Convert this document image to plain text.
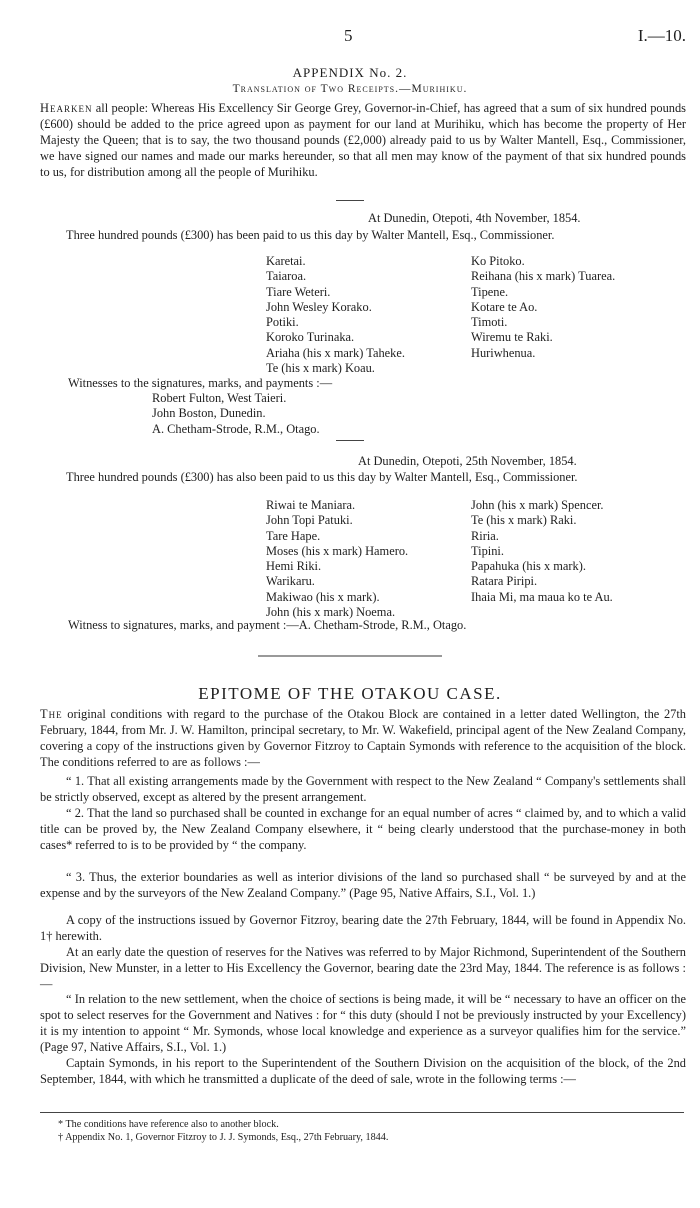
5	I.—10.
APPENDIX No. 2.
Translation of Two Receipts.—Murihiku.
Hearken all people: Whereas His Excellency Sir George Grey, Governor-in-Chief, has agreed that a sum of six hundred pounds (£600) should be added to the price agreed upon as payment for our land at Murihiku, which has become the property of Her Majesty the Queen; that is to say, the two thousand pounds (£2,000) already paid to us by Walter Mantell, Esq., Commissioner, we have signed our names and made our marks hereunder, so that all men may know of the payment of that six hundred pounds to us, for distribution among all the people of Murihiku.
At Dunedin, Otepoti, 4th November, 1854.
Three hundred pounds (£300) has been paid to us this day by Walter Mantell, Esq., Commissioner.
Karetai.
Taiaroa.
Tiare Weteri.
John Wesley Korako.
Potiki.
Koroko Turinaka.
Ariaha (his x mark) Taheke.
Te (his x mark) Koau.
Ko Pitoko.
Reihana (his x mark) Tuarea.
Tipene.
Kotare te Ao.
Timoti.
Wiremu te Raki.
Huriwhenua.
Witnesses to the signatures, marks, and payments :—
Robert Fulton, West Taieri.
John Boston, Dunedin.
A. Chetham-Strode, R.M., Otago.
At Dunedin, Otepoti, 25th November, 1854.
Three hundred pounds (£300) has also been paid to us this day by Walter Mantell, Esq., Commissioner.
Riwai te Maniara.
John Topi Patuki.
Tare Hape.
Moses (his x mark) Hamero.
Hemi Riki.
Warikaru.
Makiwao (his x mark).
John (his x mark) Noema.
John (his x mark) Spencer.
Te (his x mark) Raki.
Riria.
Tipini.
Papahuka (his x mark).
Ratara Piripi.
Ihaia Mi, ma maua ko te Au.
Witness to signatures, marks, and payment :—A. Chetham-Strode, R.M., Otago.
EPITOME OF THE OTAKOU CASE.
The original conditions with regard to the purchase of the Otakou Block are contained in a letter dated Wellington, the 27th February, 1844, from Mr. J. W. Hamilton, principal secretary, to Mr. W. Wakefield, principal agent of the New Zealand Company, covering a copy of the instructions given by Governor Fitzroy to Captain Symonds with reference to the acquisition of the block. The conditions referred to are as follows :—
“ 1. That all existing arrangements made by the Government with respect to the New Zealand “ Company's settlements shall be strictly observed, except as altered by the present arrangement.
“ 2. That the land so purchased shall be counted in exchange for an equal number of acres “ claimed by, and to which a valid title can be proved by, the New Zealand Company elsewhere, it “ being clearly understood that the purchase-money in both cases* referred to is to be provided by “ the company.
“ 3. Thus, the exterior boundaries as well as interior divisions of the land so purchased shall “ be surveyed by and at the expense and by the surveyors of the New Zealand Company.” (Page 95, Native Affairs, S.I., Vol. 1.)
A copy of the instructions issued by Governor Fitzroy, bearing date the 27th February, 1844, will be found in Appendix No. 1† herewith.
At an early date the question of reserves for the Natives was referred to by Major Richmond, Superintendent of the Southern Division, New Munster, in a letter to His Excellency the Governor, bearing date the 23rd May, 1844. The reference is as follows :—
“ In relation to the new settlement, when the choice of sections is being made, it will be “ necessary to have an officer on the spot to select reserves for the Government and Natives : for “ this duty (should I not be previously instructed by your Excellency) it is my intention to appoint “ Mr. Symonds, whose local knowledge and experience as a surveyor qualifies him for the service.” (Page 97, Native Affairs, S.I., Vol. 1.)
Captain Symonds, in his report to the Superintendent of the Southern Division on the acquisition of the block, of the 2nd September, 1844, with which he transmitted a duplicate of the deed of sale, wrote in the following terms :—
* The conditions have reference also to another block.
† Appendix No. 1, Governor Fitzroy to J. J. Symonds, Esq., 27th February, 1844.
